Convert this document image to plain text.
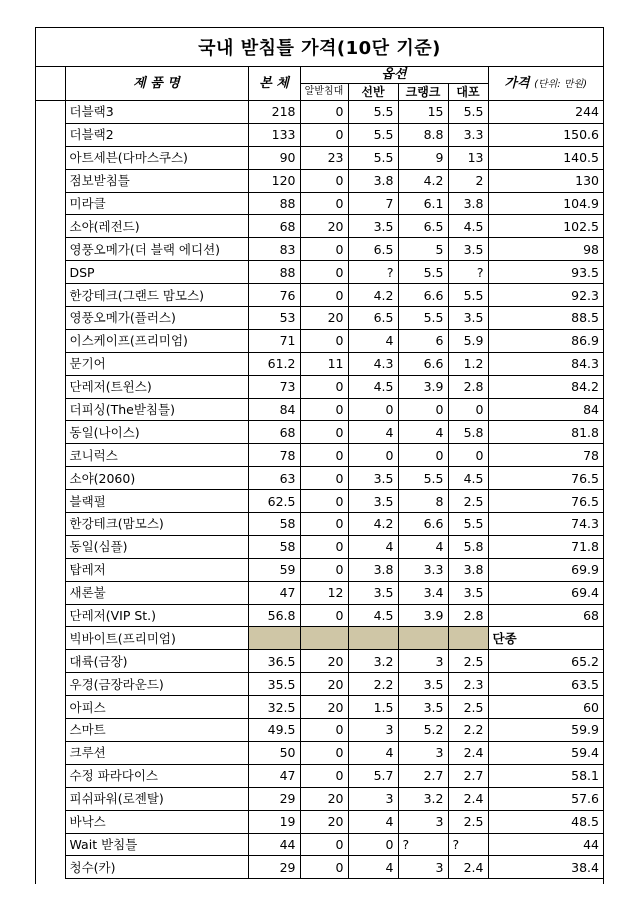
국내 받침틀 가격(10단 기준)
	제 품 명	본 체	옵션				가격 (단위: 만원)
			알받침대	선반	크랭크	대포	
	더블랙3	218	0	5.5	15	5.5	244
	더블랙2	133	0	5.5	8.8	3.3	150.6
	아트세븐(다마스쿠스)	90	23	5.5	9	13	140.5
	점보받침틀	120	0	3.8	4.2	2	130
	미라클	88	0	7	6.1	3.8	104.9
	소야(레전드)	68	20	3.5	6.5	4.5	102.5
	영풍오메가(더 블랙 에디션)	83	0	6.5	5	3.5	98
	DSP	88	0	?	5.5	?	93.5
	한강테크(그랜드 맘모스)	76	0	4.2	6.6	5.5	92.3
	영풍오메가(플러스)	53	20	6.5	5.5	3.5	88.5
	이스케이프(프리미엄)	71	0	4	6	5.9	86.9
	문기어	61.2	11	4.3	6.6	1.2	84.3
	단레저(트윈스)	73	0	4.5	3.9	2.8	84.2
	더피싱(The받침틀)	84	0	0	0	0	84
	동일(나이스)	68	0	4	4	5.8	81.8
	코니럭스	78	0	0	0	0	78
	소야(2060)	63	0	3.5	5.5	4.5	76.5
	블랙펄	62.5	0	3.5	8	2.5	76.5
	한강테크(맘모스)	58	0	4.2	6.6	5.5	74.3
	동일(심플)	58	0	4	4	5.8	71.8
	탑레저	59	0	3.8	3.3	3.8	69.9
	새론불	47	12	3.5	3.4	3.5	69.4
	단레저(VIP St.)	56.8	0	4.5	3.9	2.8	68
	빅바이트(프리미엄)						단종
	대륙(금장)	36.5	20	3.2	3	2.5	65.2
	우경(금장라운드)	35.5	20	2.2	3.5	2.3	63.5
	아피스	32.5	20	1.5	3.5	2.5	60
	스마트	49.5	0	3	5.2	2.2	59.9
	크루션	50	0	4	3	2.4	59.4
	수정 파라다이스	47	0	5.7	2.7	2.7	58.1
	피쉬파워(로젠탈)	29	20	3	3.2	2.4	57.6
	바낙스	19	20	4	3	2.5	48.5
	Wait 받침틀	44	0	0	?	?	44
	청수(카)	29	0	4	3	2.4	38.4
